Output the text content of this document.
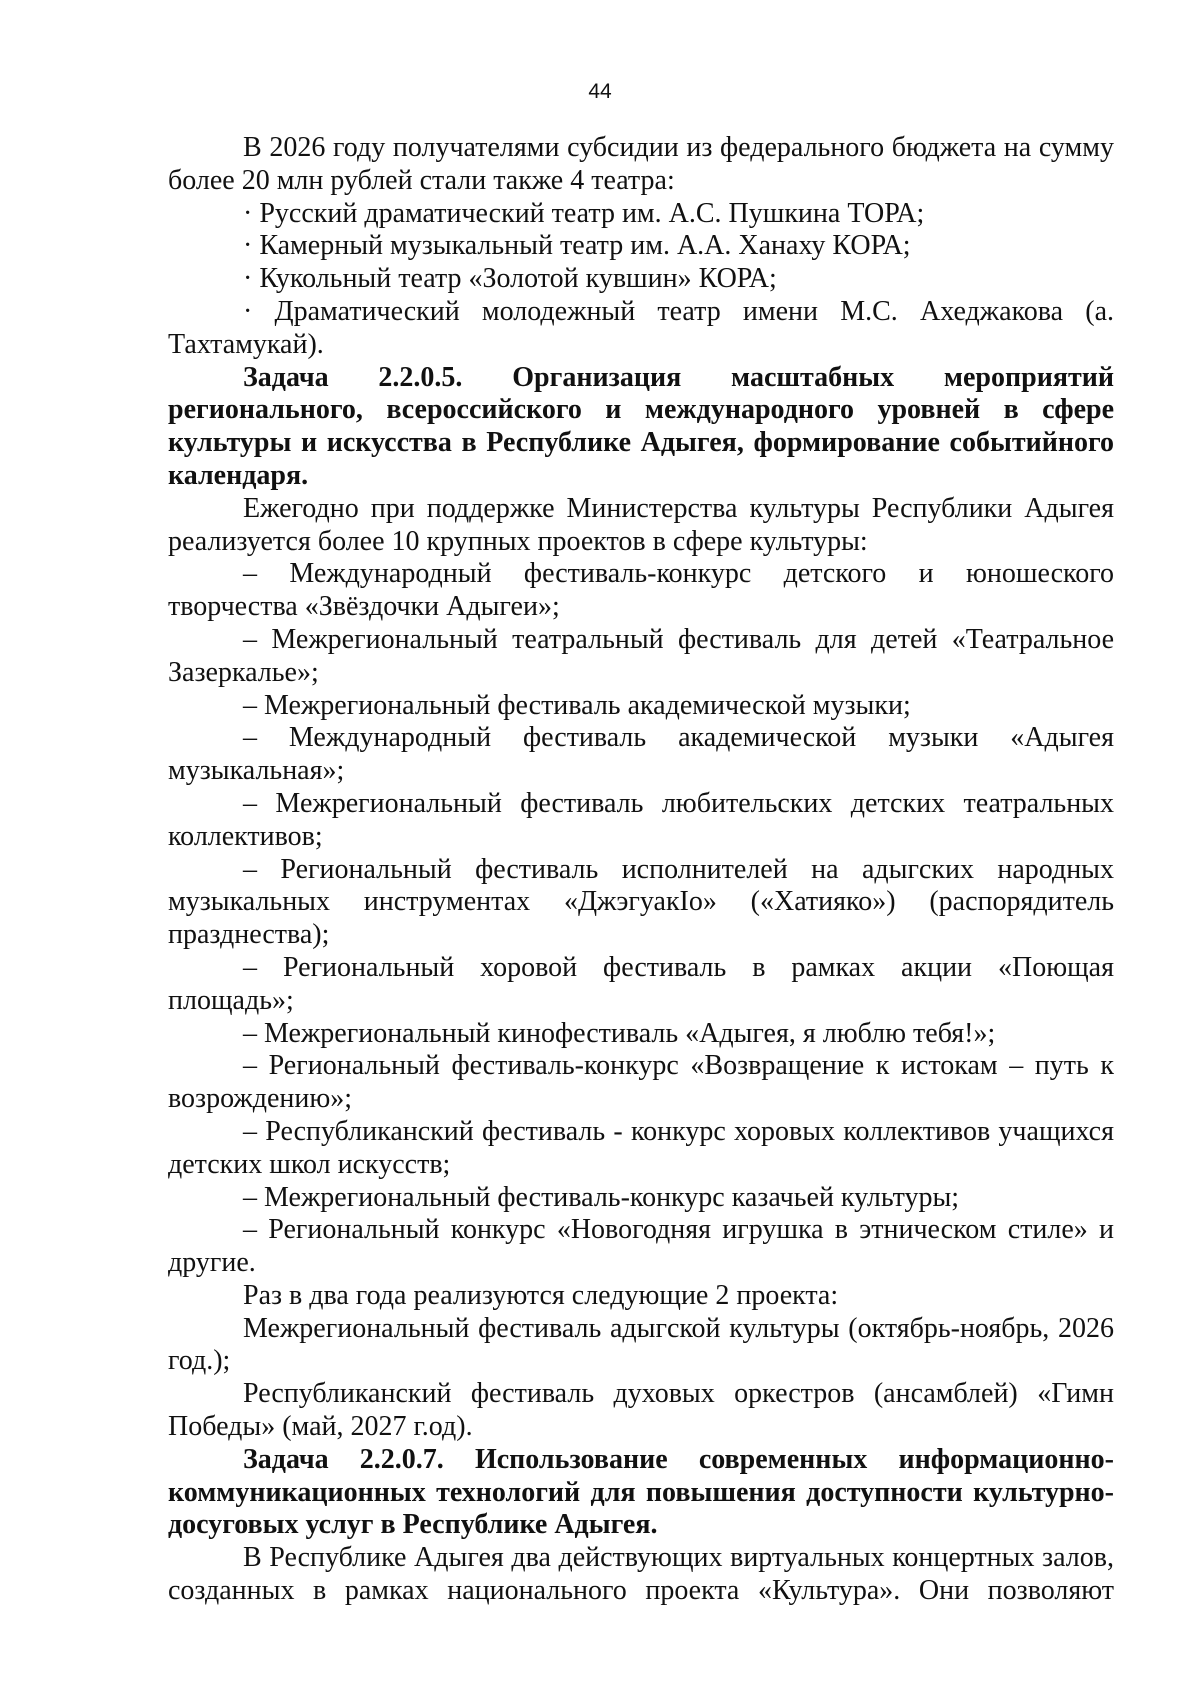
44

В 2026 году получателями субсидии из федерального бюджета на сумму более 20 млн рублей стали также 4 театра:

· Русский драматический театр им. А.С. Пушкина ТОРА;

· Камерный музыкальный театр им. А.А. Ханаху КОРА;

· Кукольный театр «Золотой кувшин» КОРА;

· Драматический молодежный театр имени М.С. Ахеджакова (а. Тахтамукай).

Задача 2.2.0.5. Организация масштабных мероприятий регионального, всероссийского и международного уровней в сфере культуры и искусства в Республике Адыгея, формирование событийного календаря.

Ежегодно при поддержке Министерства культуры Республики Адыгея реализуется более 10 крупных проектов в сфере культуры:

– Международный фестиваль-конкурс детского и юношеского творчества «Звёздочки Адыгеи»;

– Межрегиональный театральный фестиваль для детей «Театральное Зазеркалье»;

– Межрегиональный фестиваль академической музыки;

– Международный фестиваль академической музыки «Адыгея музыкальная»;

– Межрегиональный фестиваль любительских детских театральных коллективов;

– Региональный фестиваль исполнителей на адыгских народных музыкальных инструментах «ДжэгуакIо» («Хатияко») (распорядитель празднества);

– Региональный хоровой фестиваль в рамках акции «Поющая площадь»;

– Межрегиональный кинофестиваль «Адыгея, я люблю тебя!»;

– Региональный фестиваль-конкурс «Возвращение к истокам – путь к возрождению»;

– Республиканский фестиваль - конкурс хоровых коллективов учащихся детских школ искусств;

– Межрегиональный фестиваль-конкурс казачьей культуры;

– Региональный конкурс «Новогодняя игрушка в этническом стиле» и другие.

Раз в два года реализуются следующие 2 проекта:

Межрегиональный фестиваль адыгской культуры (октябрь-ноябрь, 2026 год.);

Республиканский фестиваль духовых оркестров (ансамблей) «Гимн Победы» (май, 2027 г.од).

Задача 2.2.0.7. Использование современных информационно-коммуникационных технологий для повышения доступности культурно-досуговых услуг в Республике Адыгея.

В Республике Адыгея два действующих виртуальных концертных залов, созданных в рамках национального проекта «Культура». Они позволяют
